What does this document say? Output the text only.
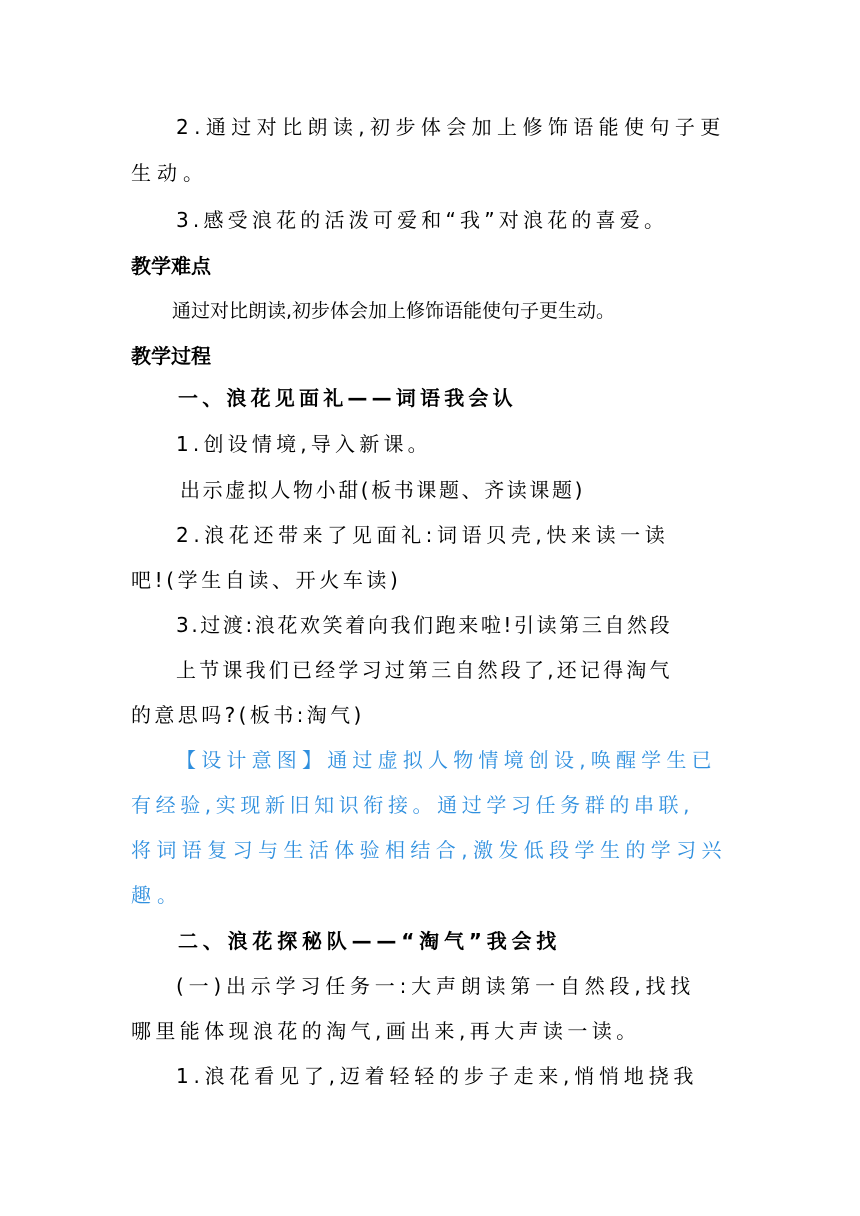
2.通过对比朗读,初步体会加上修饰语能使句子更
生动。
3.感受浪花的活泼可爱和“我”对浪花的喜爱。
教学难点
通过对比朗读,初步体会加上修饰语能使句子更生动。
教学过程
一、浪花见面礼——词语我会认
1.创设情境,导入新课。
出示虚拟人物小甜(板书课题、齐读课题)
2.浪花还带来了见面礼:词语贝壳,快来读一读
吧!(学生自读、开火车读)
3.过渡:浪花欢笑着向我们跑来啦!引读第三自然段
上节课我们已经学习过第三自然段了,还记得淘气
的意思吗?(板书:淘气)
【设计意图】通过虚拟人物情境创设,唤醒学生已
有经验,实现新旧知识衔接。通过学习任务群的串联,
将词语复习与生活体验相结合,激发低段学生的学习兴
趣。
二、浪花探秘队——“淘气”我会找
(一)出示学习任务一:大声朗读第一自然段,找找
哪里能体现浪花的淘气,画出来,再大声读一读。
1.浪花看见了,迈着轻轻的步子走来,悄悄地挠我
